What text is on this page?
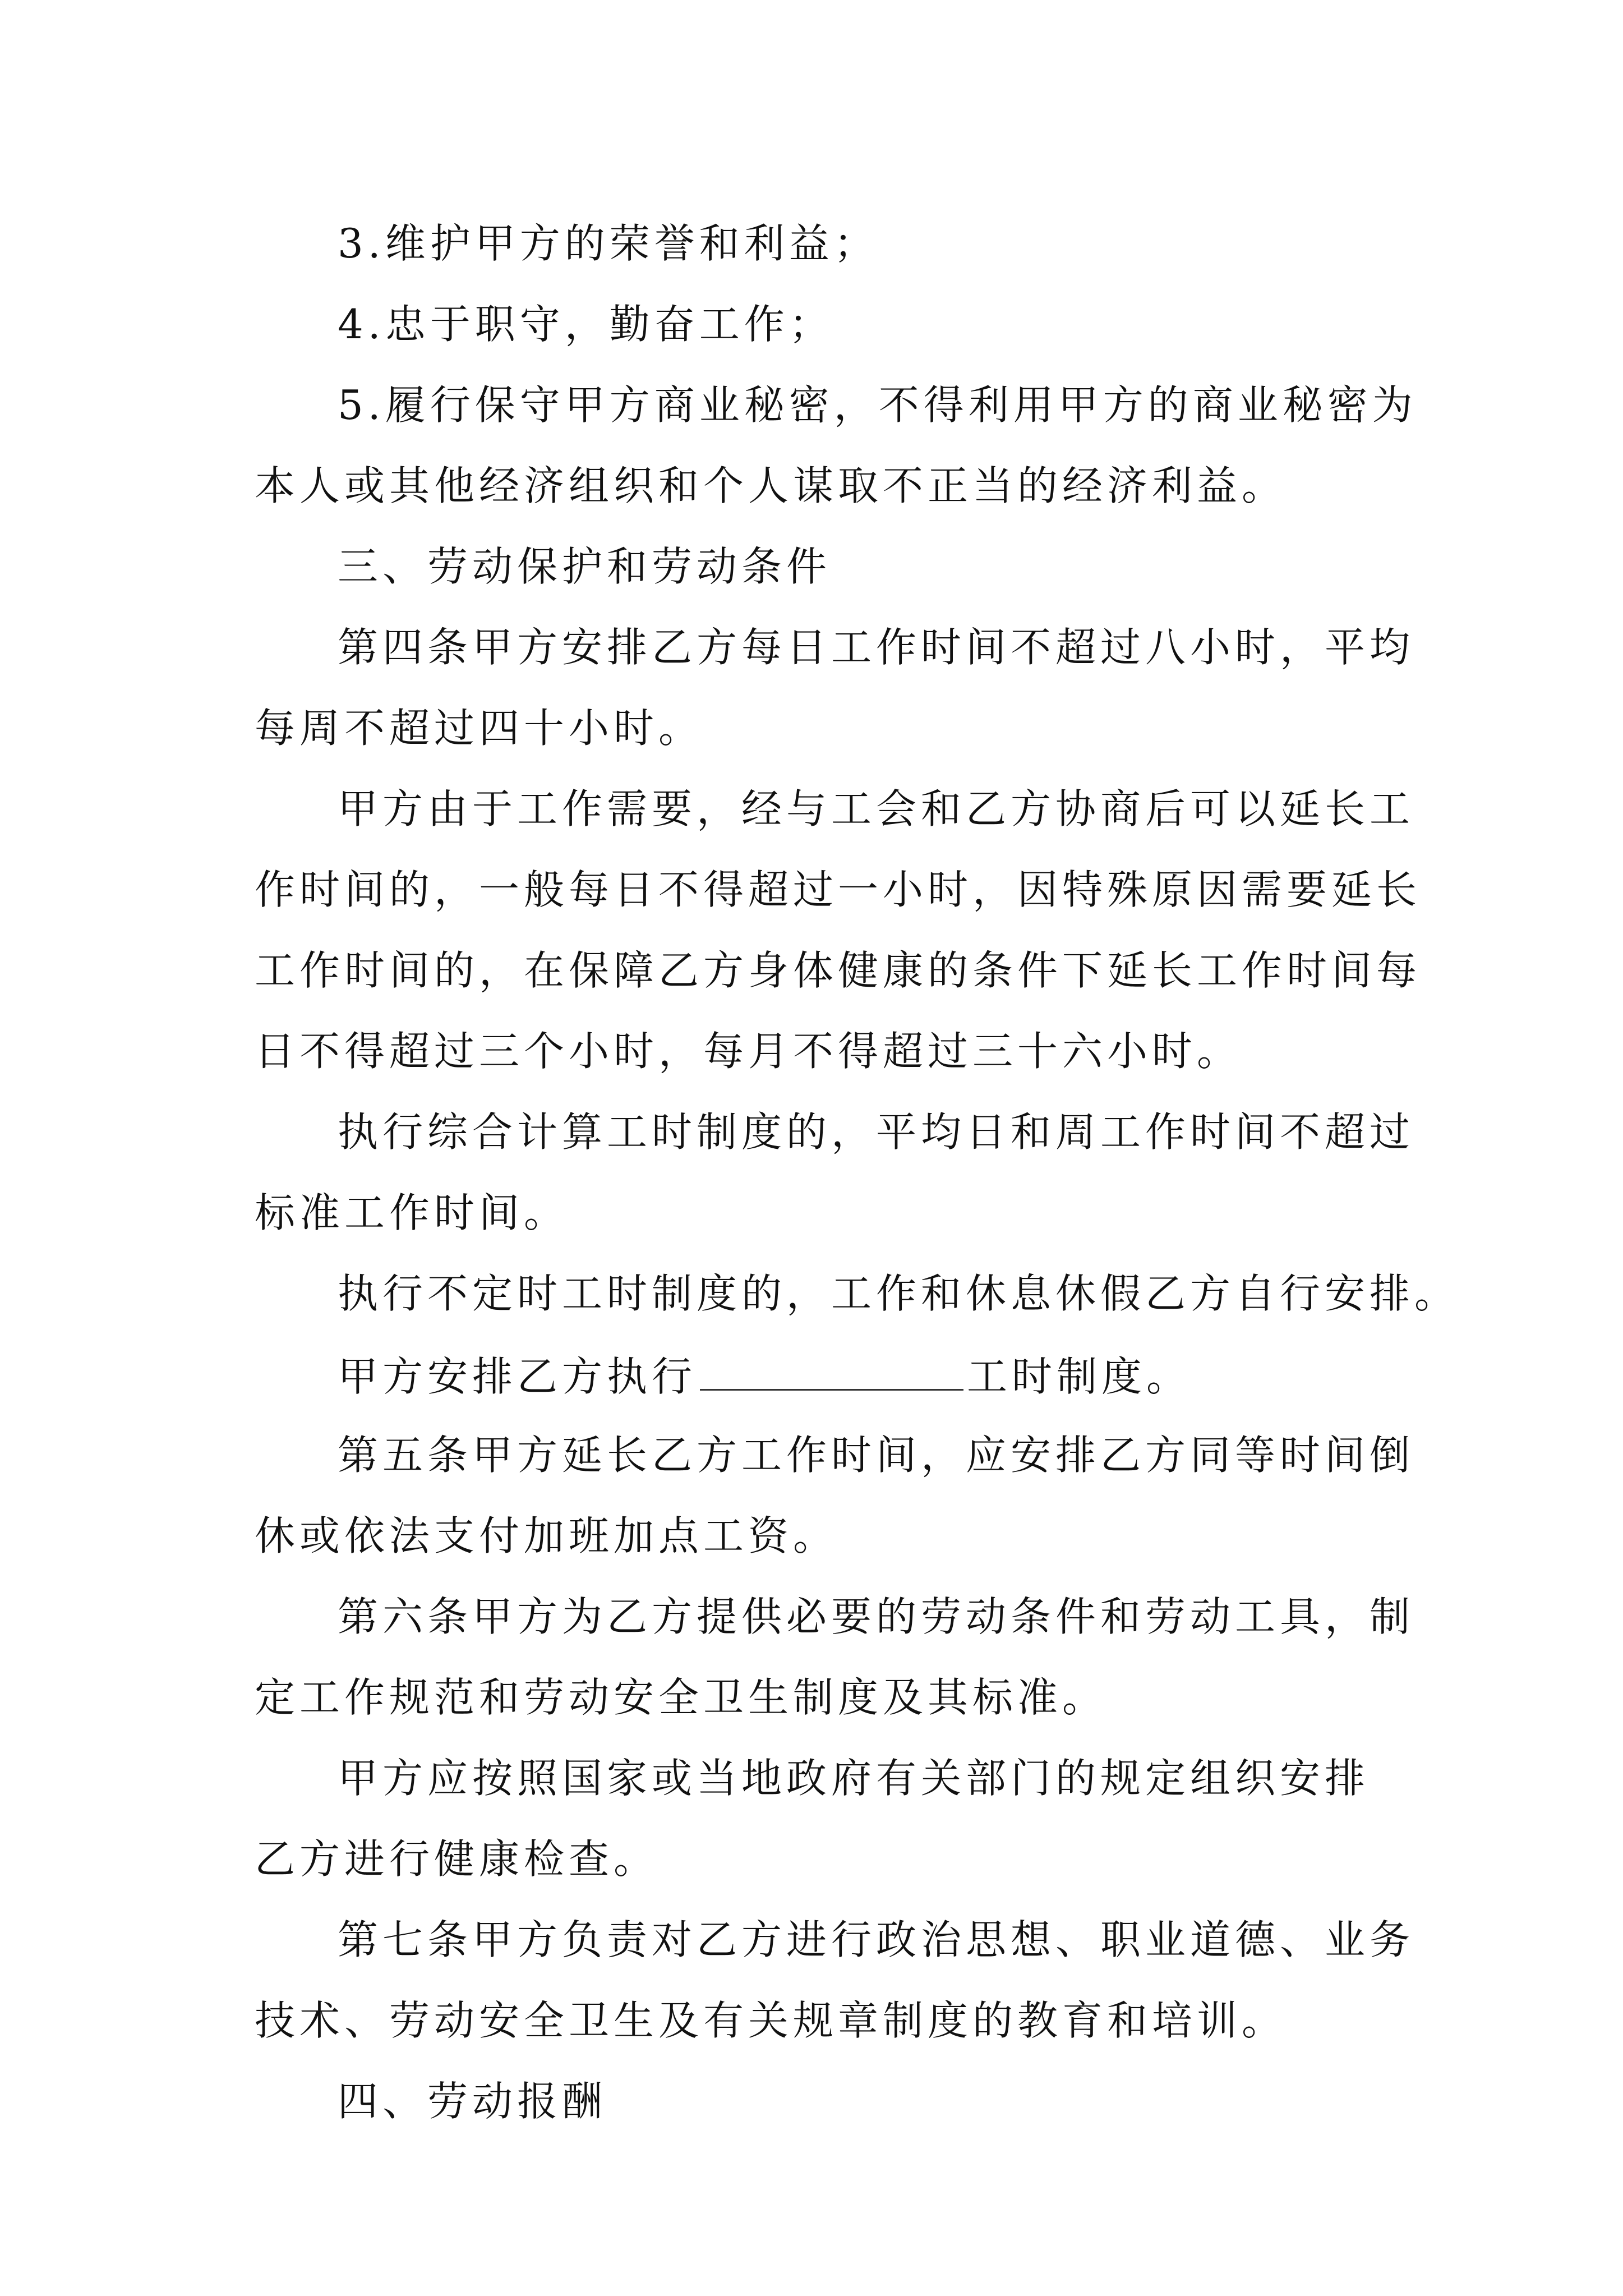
3.维护甲方的荣誉和利益；
4.忠于职守，勤奋工作；
5.履行保守甲方商业秘密，不得利用甲方的商业秘密为
本人或其他经济组织和个人谋取不正当的经济利益。
三、劳动保护和劳动条件
第四条甲方安排乙方每日工作时间不超过八小时，平均
每周不超过四十小时。
甲方由于工作需要，经与工会和乙方协商后可以延长工
作时间的，一般每日不得超过一小时，因特殊原因需要延长
工作时间的，在保障乙方身体健康的条件下延长工作时间每
日不得超过三个小时，每月不得超过三十六小时。
执行综合计算工时制度的，平均日和周工作时间不超过
标准工作时间。
执行不定时工时制度的，工作和休息休假乙方自行安排。
甲方安排乙方执行	工时制度。
第五条甲方延长乙方工作时间，应安排乙方同等时间倒
休或依法支付加班加点工资。
第六条甲方为乙方提供必要的劳动条件和劳动工具，制
定工作规范和劳动安全卫生制度及其标准。
甲方应按照国家或当地政府有关部门的规定组织安排
乙方进行健康检查。
第七条甲方负责对乙方进行政治思想、职业道德、业务
技术、劳动安全卫生及有关规章制度的教育和培训。
四、劳动报酬
